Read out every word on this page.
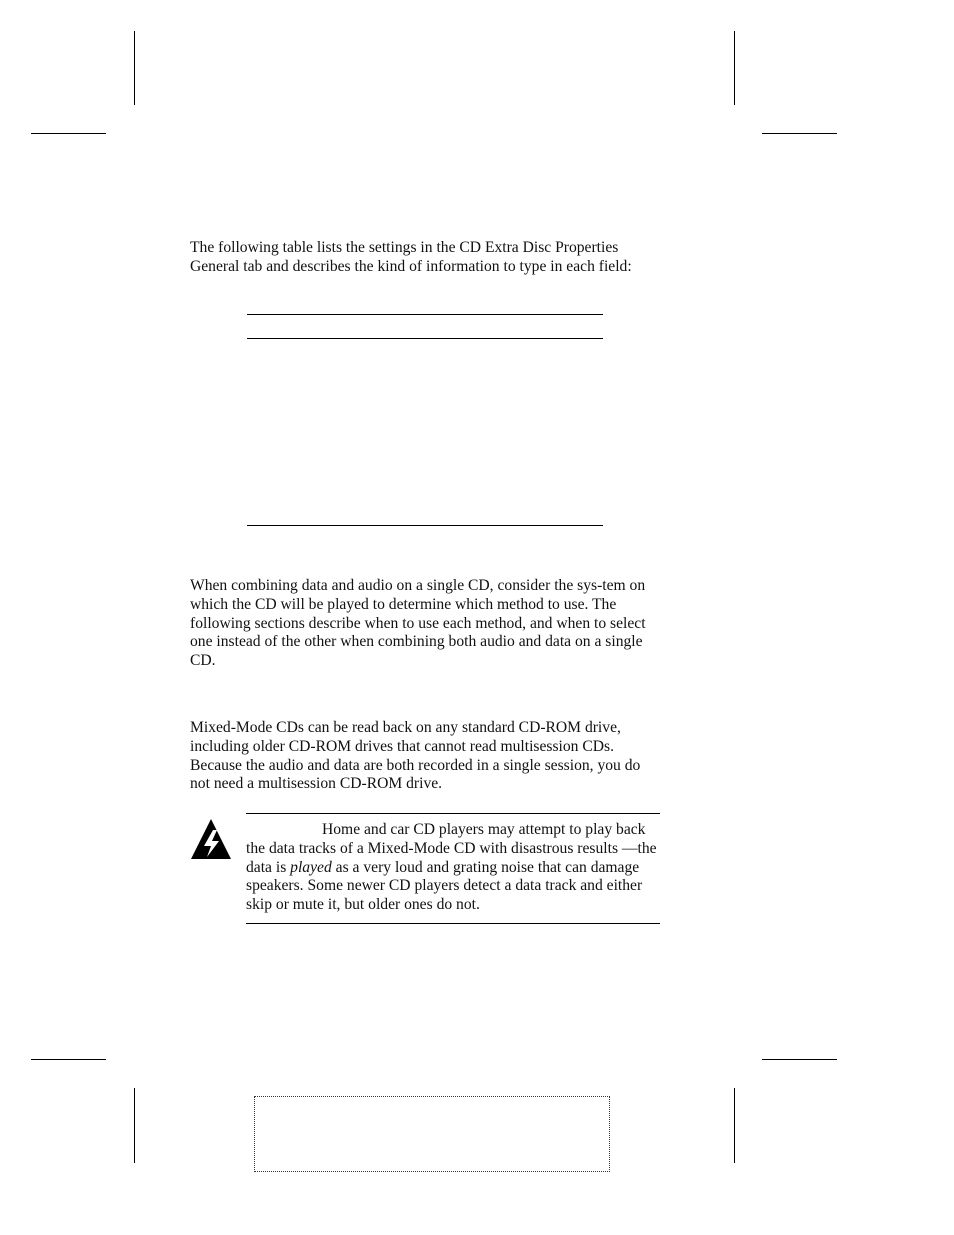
The following table lists the settings in the CD Extra Disc Properties General tab and describes the kind of information to type in each field:

When combining data and audio on a single CD, consider the sys-tem on which the CD will be played to determine which method to use. The following sections describe when to use each method, and when to select one instead of the other when combining both audio and data on a single CD.

Mixed-Mode CDs can be read back on any standard CD-ROM drive, including older CD-ROM drives that cannot read multisession CDs. Because the audio and data are both recorded in a single session, you do not need a multisession CD-ROM drive.

Home and car CD players may attempt to play back the data tracks of a Mixed-Mode CD with disastrous results —the data is played as a very loud and grating noise that can damage speakers. Some newer CD players detect a data track and either skip or mute it, but older ones do not.
